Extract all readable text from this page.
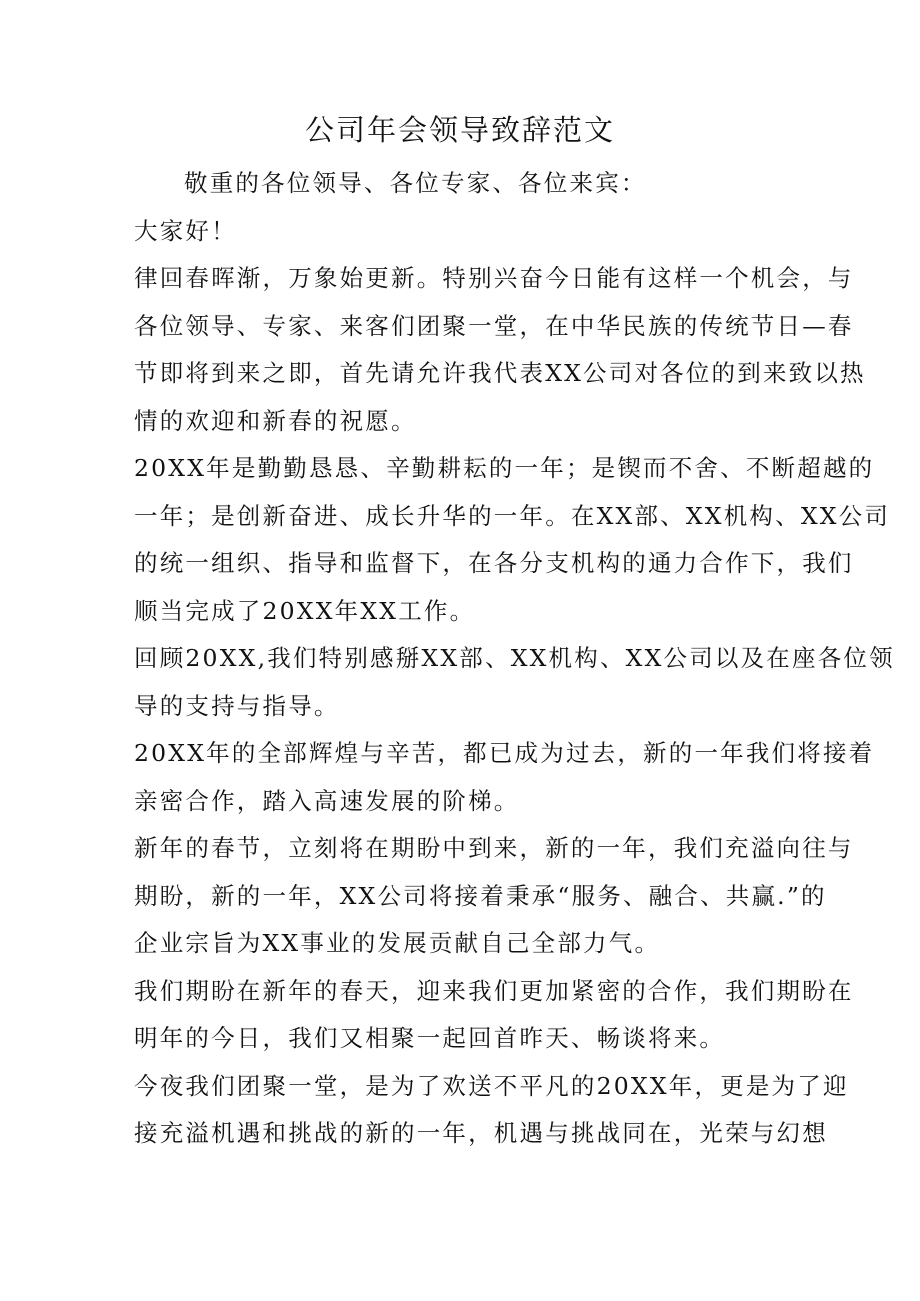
公司年会领导致辞范文
敬重的各位领导、各位专家、各位来宾：
大家好！
律回春晖渐，万象始更新。特别兴奋今日能有这样一个机会，与
各位领导、专家、来客们团聚一堂，在中华民族的传统节日—春
节即将到来之即，首先请允许我代表XX公司对各位的到来致以热
情的欢迎和新春的祝愿。
20XX年是勤勤恳恳、辛勤耕耘的一年；是锲而不舍、不断超越的
一年；是创新奋进、成长升华的一年。在XX部、XX机构、XX公司
的统一组织、指导和监督下，在各分支机构的通力合作下，我们
顺当完成了20XX年XX工作。
回顾20XX,我们特别感掰XX部、XX机构、XX公司以及在座各位领
导的支持与指导。
20XX年的全部辉煌与辛苦，都已成为过去，新的一年我们将接着
亲密合作，踏入高速发展的阶梯。
新年的春节，立刻将在期盼中到来，新的一年，我们充溢向往与
期盼，新的一年，XX公司将接着秉承“服务、融合、共赢.”的
企业宗旨为XX事业的发展贡献自己全部力气。
我们期盼在新年的春天，迎来我们更加紧密的合作，我们期盼在
明年的今日，我们又相聚一起回首昨天、畅谈将来。
今夜我们团聚一堂，是为了欢送不平凡的20XX年，更是为了迎
接充溢机遇和挑战的新的一年，机遇与挑战同在，光荣与幻想
